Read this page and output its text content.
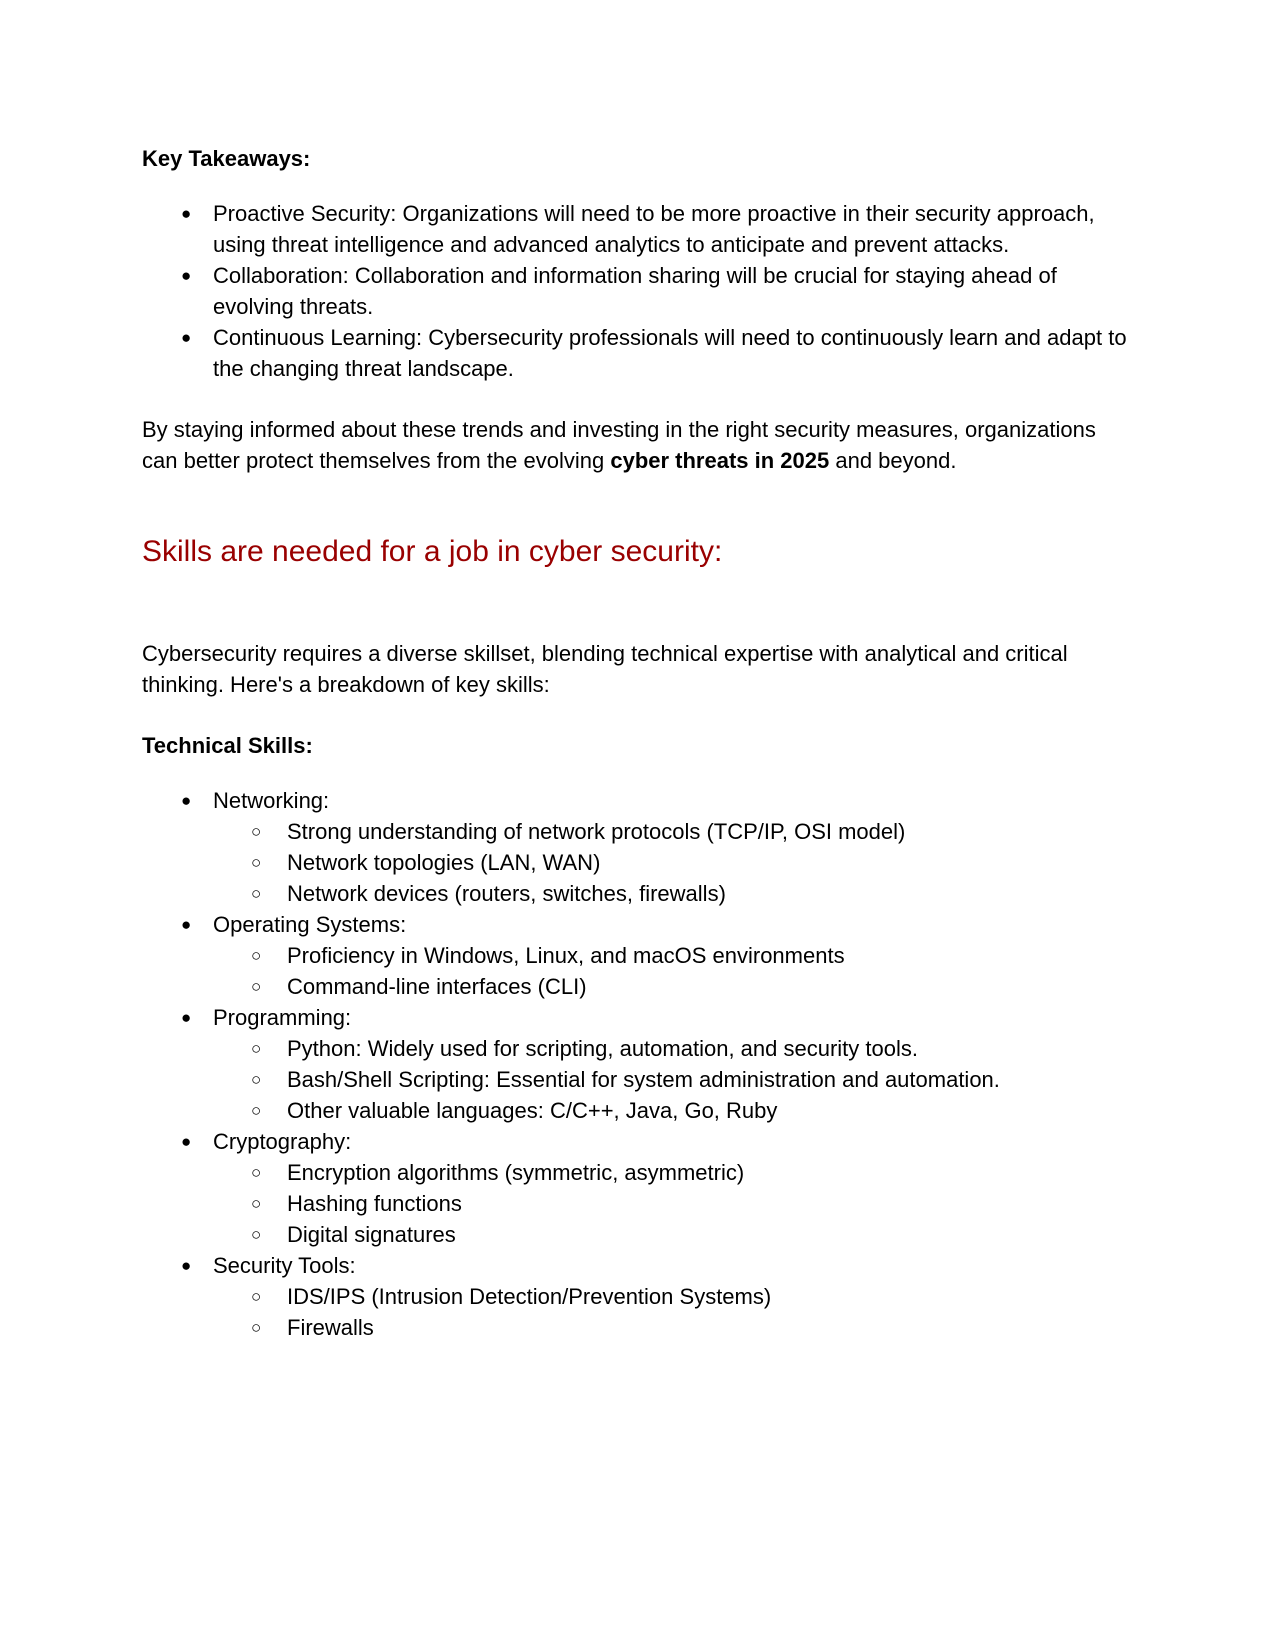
Key Takeaways:
● Proactive Security: Organizations will need to be more proactive in their security approach, using threat intelligence and advanced analytics to anticipate and prevent attacks.
● Collaboration: Collaboration and information sharing will be crucial for staying ahead of evolving threats.
● Continuous Learning: Cybersecurity professionals will need to continuously learn and adapt to the changing threat landscape.

By staying informed about these trends and investing in the right security measures, organizations can better protect themselves from the evolving cyber threats in 2025 and beyond.

Skills are needed for a job in cyber security:

Cybersecurity requires a diverse skillset, blending technical expertise with analytical and critical thinking. Here's a breakdown of key skills:

Technical Skills:
● Networking:
○ Strong understanding of network protocols (TCP/IP, OSI model)
○ Network topologies (LAN, WAN)
○ Network devices (routers, switches, firewalls)
● Operating Systems:
○ Proficiency in Windows, Linux, and macOS environments
○ Command-line interfaces (CLI)
● Programming:
○ Python: Widely used for scripting, automation, and security tools.
○ Bash/Shell Scripting: Essential for system administration and automation.
○ Other valuable languages: C/C++, Java, Go, Ruby
● Cryptography:
○ Encryption algorithms (symmetric, asymmetric)
○ Hashing functions
○ Digital signatures
● Security Tools:
○ IDS/IPS (Intrusion Detection/Prevention Systems)
○ Firewalls
